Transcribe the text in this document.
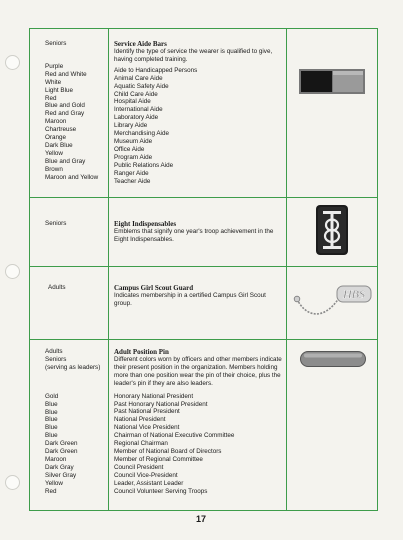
Seniors
Purple
Red and White
White
Light Blue
Red
Blue and Gold
Red and Gray
Maroon
Chartreuse
Orange
Dark Blue
Yellow
Blue and Gray
Brown
Maroon and Yellow
Service Aide Bars
Identify the type of service the wearer is qualified to give, having completed training.
Aide to Handicapped Persons
Animal Care Aide
Aquatic Safety Aide
Child Care Aide
Hospital Aide
International Aide
Laboratory Aide
Library Aide
Merchandising Aide
Museum Aide
Office Aide
Program Aide
Public Relations Aide
Ranger Aide
Teacher Aide
Seniors	Eight Indispensables
Emblems that signify one year's troop achievement in the Eight Indispensables.
Adults	Campus Girl Scout Guard
Indicates membership in a certified Campus Girl Scout group.
HBS
Adults
Seniors
(serving as leaders)
Gold
Blue
Blue
Blue
Blue
Blue
Dark Green
Dark Green
Maroon
Dark Gray
Silver Gray
Yellow
Red
Adult Position Pin
Different colors worn by officers and other members indicate their present position in the organization. Members holding more than one position wear the pin of their choice, plus the leader's pin if they are also leaders.
Honorary National President
Past Honorary National President
Past National President
National President
National Vice President
Chairman of National Executive Committee
Regional Chairman
Member of National Board of Directors
Member of Regional Committee
Council President
Council Vice-President
Leader, Assistant Leader
Council Volunteer Serving Troops
17
